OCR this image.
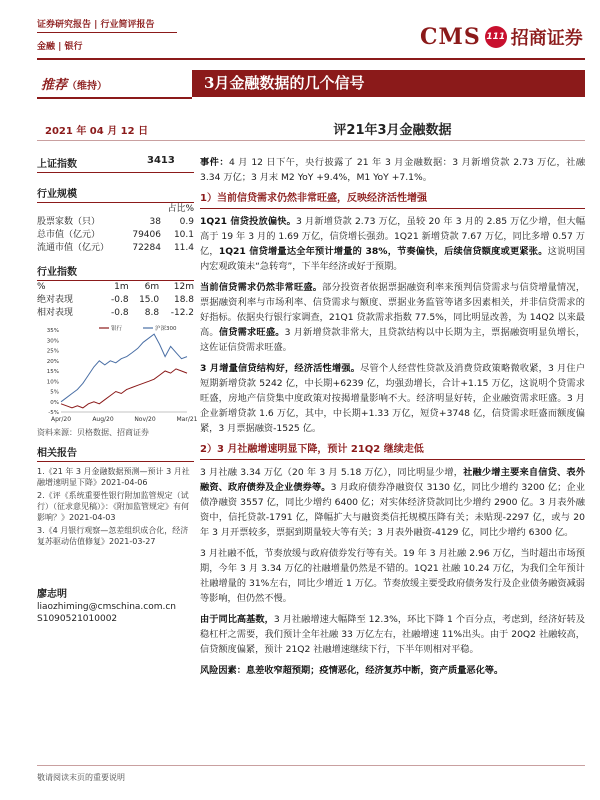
证券研究报告 | 行业简评报告
金融 | 银行	CMS 111 招商证券
推荐（维持）	3月金融数据的几个信号
2021 年 04 月 12 日	评21年3月金融数据
上证指数	3413
行业规模
占比%
股票家数（只）	38	0.9
总市值（亿元）	79406	10.1
流通市值（亿元）	72284	11.4
行业指数
%	1m	6m	12m
绝对表现	-0.8	15.0	18.8
相对表现	-0.8	8.8	-12.2
-5%
0%
5%
10%
15%
20%
25%
30%
35%
Apr/20	Aug/20	Nov/20	Mar/21
银行	沪深300
资料来源：贝格数据、招商证券
相关报告
1.《21 年 3 月金融数据预测—预计 3 月社融增速明显下降》2021-04-06
2.《评《系统重要性银行附加监管规定（试行）（征求意见稿）》：《附加监管规定》有何影响？》2021-04-03
3.《4 月银行观察—忽差组织成合化，经济复苏驱动估值修复》2021-03-27
廖志明
liaozhiming@cmschina.com.cn
S1090521010002

事件：4 月 12 日下午，央行披露了 21 年 3 月金融数据：3 月新增贷款 2.73 万亿，社融 3.34 万亿；3 月末 M2 YoY +9.4%，M1 YoY +7.1%。

1）当前信贷需求仍然非常旺盛，反映经济活性增强

1Q21 信贷投放偏快。3 月新增贷款 2.73 万亿，虽较 20 年 3 月的 2.85 万亿少增，但大幅高于 19 年 3 月的 1.69 万亿，信贷增长强劲。1Q21 新增贷款 7.67 万亿，同比多增 0.57 万亿，1Q21 信贷增量达全年预计增量的 38%，节奏偏快，后续信贷额度或更紧张。这说明国内宏观政策未“急转弯”，下半年经济或好于预期。

当前信贷需求仍然非常旺盛。部分投资者依据票据融资利率来预判信贷需求与信贷增量情况，票据融资利率与市场利率、信贷需求与额度、票据业务监管等诸多因素相关，并非信贷需求的好指标。依据央行银行家调查，21Q1 贷款需求指数 77.5%，同比明显改善，为 14Q2 以来最高。信贷需求旺盛。3 月新增贷款非常大，且贷款结构以中长期为主，票据融资明显负增长，这佐证信贷需求旺盛。

3 月增量信贷结构好，经济活性增强。尽管个人经营性贷款及消费贷政策略微收紧，3 月住户短期新增贷款 5242 亿，中长期+6239 亿，均强劲增长，合计+1.15 万亿，这说明个贷需求旺盛，房地产信贷集中度政策对按揭增量影响不大。经济明显好转，企业融资需求旺盛。3 月企业新增贷款 1.6 万亿，其中，中长期+1.33 万亿，短贷+3748 亿，信贷需求旺盛而额度偏紧，3 月票据融资-1525 亿。

2）3 月社融增速明显下降，预计 21Q2 继续走低

3 月社融 3.34 万亿（20 年 3 月 5.18 万亿），同比明显少增，社融少增主要来自信贷、表外融资、政府债券及企业债券等。3 月政府债券净融资仅 3130 亿，同比少增约 3200 亿；企业债净融资 3557 亿，同比少增约 6400 亿；对实体经济贷款同比少增约 2900 亿。3 月表外融资中，信托贷款-1791 亿，降幅扩大与融资类信托规模压降有关；未贴现-2297 亿，或与 20 年 3 月开票较多，票据到期量较大等有关；3 月表外融资-4129 亿，同比少增约 6300 亿。

3 月社融不低，节奏放缓与政府债券发行等有关。19 年 3 月社融 2.96 万亿，当时超出市场预期，今年 3 月 3.34 万亿的社融增量仍然是不错的。1Q21 社融 10.24 万亿，为我们全年预计社融增量的 31%左右，同比少增近 1 万亿。节奏放缓主要受政府债务发行及企业债务融资减弱等影响，但仍然不慢。

由于同比高基数，3 月社融增速大幅降至 12.3%，环比下降 1 个百分点，考虑到，经济好转及稳杠杆之需要，我们预计全年社融 33 万亿左右，社融增速 11%出头。由于 20Q2 社融较高，信贷额度偏紧，预计 21Q2 社融增速继续下行，下半年则相对平稳。

风险因素：息差收窄超预期；疫情恶化，经济复苏中断，资产质量恶化等。

敬请阅读末页的重要说明
